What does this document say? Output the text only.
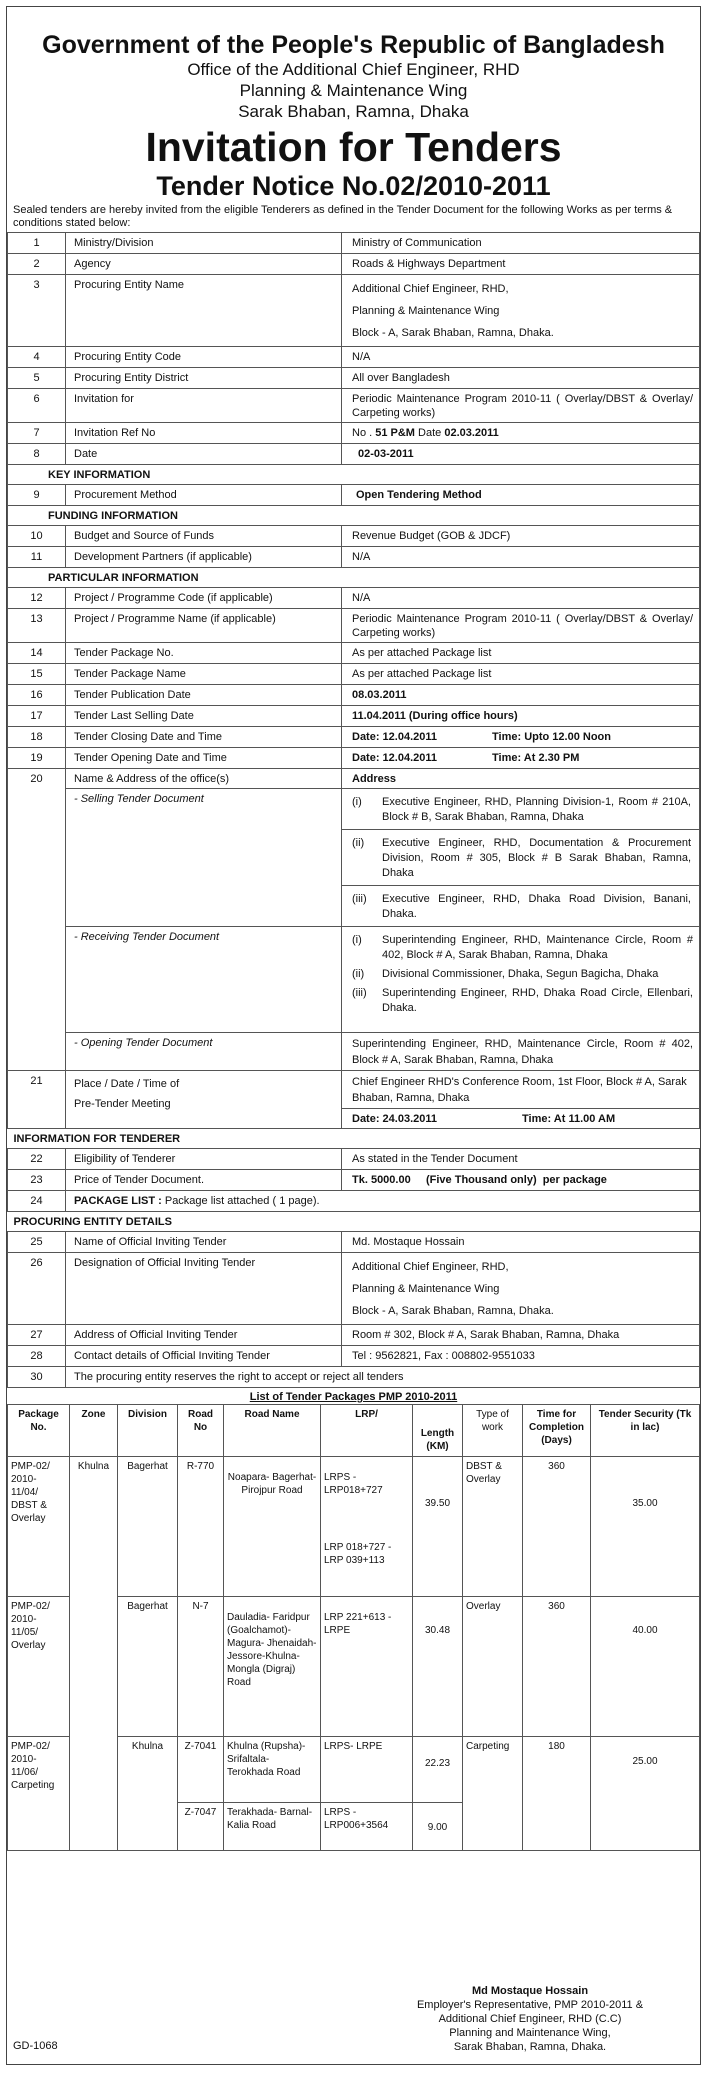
Government of the People's Republic of Bangladesh
Office of the Additional Chief Engineer, RHD
Planning & Maintenance Wing
Sarak Bhaban, Ramna, Dhaka
Invitation for Tenders
Tender Notice No.02/2010-2011
Sealed tenders are hereby invited from the eligible Tenderers as defined in the Tender Document for the following Works as per terms & conditions stated below:
1	Ministry/Division	Ministry of Communication
2	Agency	Roads & Highways Department
3	Procuring Entity Name	Additional Chief Engineer, RHD,
Planning & Maintenance Wing
Block - A, Sarak Bhaban, Ramna, Dhaka.

4	Procuring Entity Code	N/A
5	Procuring Entity District	All over Bangladesh
6	Invitation for	Periodic Maintenance Program 2010-11 ( Overlay/DBST & Overlay/ Carpeting works)
7	Invitation Ref No	No . 51 P&M Date 02.03.2011
8	Date	02-03-2011
KEY INFORMATION
9	Procurement Method	Open Tendering Method
FUNDING INFORMATION
10	Budget and Source of Funds	Revenue Budget (GOB & JDCF)
11	Development Partners (if applicable)	N/A
PARTICULAR INFORMATION
12	Project / Programme Code (if applicable)	N/A
13	Project / Programme Name (if applicable)	Periodic Maintenance Program 2010-11 ( Overlay/DBST & Overlay/ Carpeting works)
14	Tender Package No.	As per attached Package list
15	Tender Package Name	As per attached Package list
16	Tender Publication Date	08.03.2011
17	Tender Last Selling Date	11.04.2011 (During office hours)
18	Tender Closing Date and Time	Date: 12.04.2011	Time: Upto 12.00 Noon
19	Tender Opening Date and Time	Date: 12.04.2011	Time: At 2.30 PM
20	Name & Address of the office(s)	Address
- Selling Tender Document		(i)	Executive Engineer, RHD, Planning Division-1, Room # 210A, Block # B, Sarak Bhaban, Ramna, Dhaka
(ii)	Executive Engineer, RHD, Documentation & Procurement Division, Room # 305, Block # B Sarak Bhaban, Ramna, Dhaka
(iii)	Executive Engineer, RHD, Dhaka Road Division, Banani, Dhaka.

- Receiving Tender Document		(i)	Superintending Engineer, RHD, Maintenance Circle, Room # 402, Block # A, Sarak Bhaban, Ramna, Dhaka
(ii)	Divisional Commissioner, Dhaka, Segun Bagicha, Dhaka
(iii)	Superintending Engineer, RHD, Dhaka Road Circle, Ellenbari, Dhaka.

- Opening Tender Document	Superintending Engineer, RHD, Maintenance Circle, Room # 402, Block # A, Sarak Bhaban, Ramna, Dhaka
21	Place / Date / Time of
Pre-Tender Meeting
	Chief Engineer RHD's Conference Room, 1st Floor, Block # A, Sarak Bhaban, Ramna, Dhaka
Date: 24.03.2011	Time: At 11.00 AM
INFORMATION FOR TENDERER
22	Eligibility of Tenderer	As stated in the Tender Document
23	Price of Tender Document.	Tk. 5000.00     (Five Thousand only)  per package
24	PACKAGE LIST : Package list attached ( 1 page).
PROCURING ENTITY DETAILS
25	Name of Official Inviting Tender	Md. Mostaque Hossain
26	Designation of Official Inviting Tender	Additional Chief Engineer, RHD,
Planning & Maintenance Wing
Block - A, Sarak Bhaban, Ramna, Dhaka.

27	Address of Official Inviting Tender	Room # 302, Block # A, Sarak Bhaban, Ramna, Dhaka
28	Contact details of Official Inviting Tender	Tel : 9562821, Fax : 008802-9551033
30	The procuring entity reserves the right to accept or reject all tenders
List of Tender Packages PMP 2010-2011
Package No.	Zone	Division	Road No	Road Name	LRP/	Length (KM)	Type of work	Time for Completion (Days)	Tender Security (Tk in lac)
PMP-02/ 2010- 11/04/ DBST & Overlay	Khulna	Bagerhat	R-770	Noapara- Bagerhat- Pirojpur Road	LRPS - LRP018+727
LRP 018+727 -LRP 039+113	39.50	DBST & Overlay	360	35.00
PMP-02/ 2010- 11/05/ Overlay		Bagerhat	N-7	Dauladia- Faridpur (Goalchamot)- Magura- Jhenaidah- Jessore-Khulna- Mongla (Digraj) Road	LRP 221+613 - LRPE	30.48	Overlay	360	40.00
PMP-02/ 2010- 11/06/ Carpeting		Khulna	Z-7041	Khulna (Rupsha)- Srifaltala- Terokhada Road	LRPS- LRPE	22.23	Carpeting	180	25.00
			Z-7047	Terakhada- Barnal-Kalia Road	LRPS - LRP006+3564	9.00			
Md Mostaque Hossain
Employer's Representative, PMP 2010-2011 &
Additional Chief Engineer, RHD (C.C)
Planning and Maintenance Wing,
Sarak Bhaban, Ramna, Dhaka.
GD-1068
